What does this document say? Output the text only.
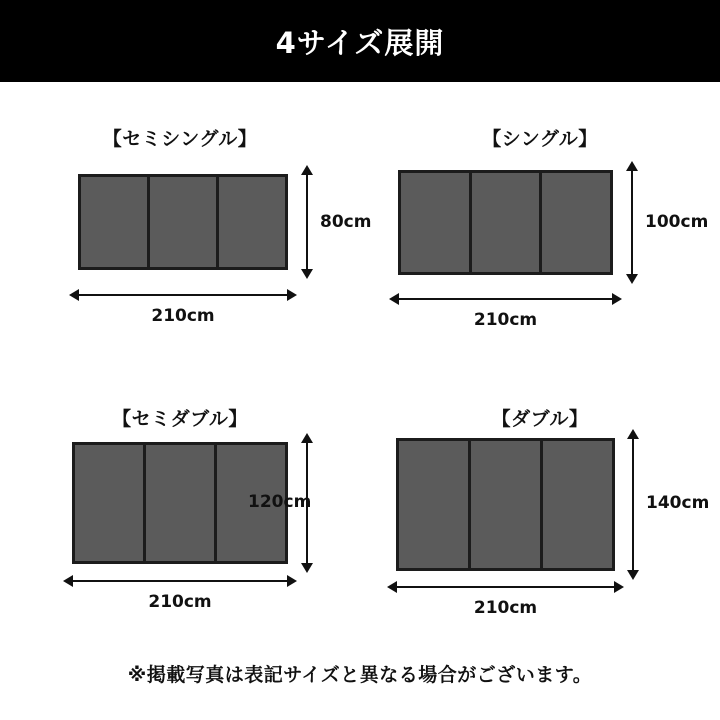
4サイズ展開
【セミシングル】
80cm
210cm
【シングル】
100cm
210cm
【セミダブル】
120cm
210cm
【ダブル】
140cm
210cm
※掲載写真は表記サイズと異なる場合がございます。
